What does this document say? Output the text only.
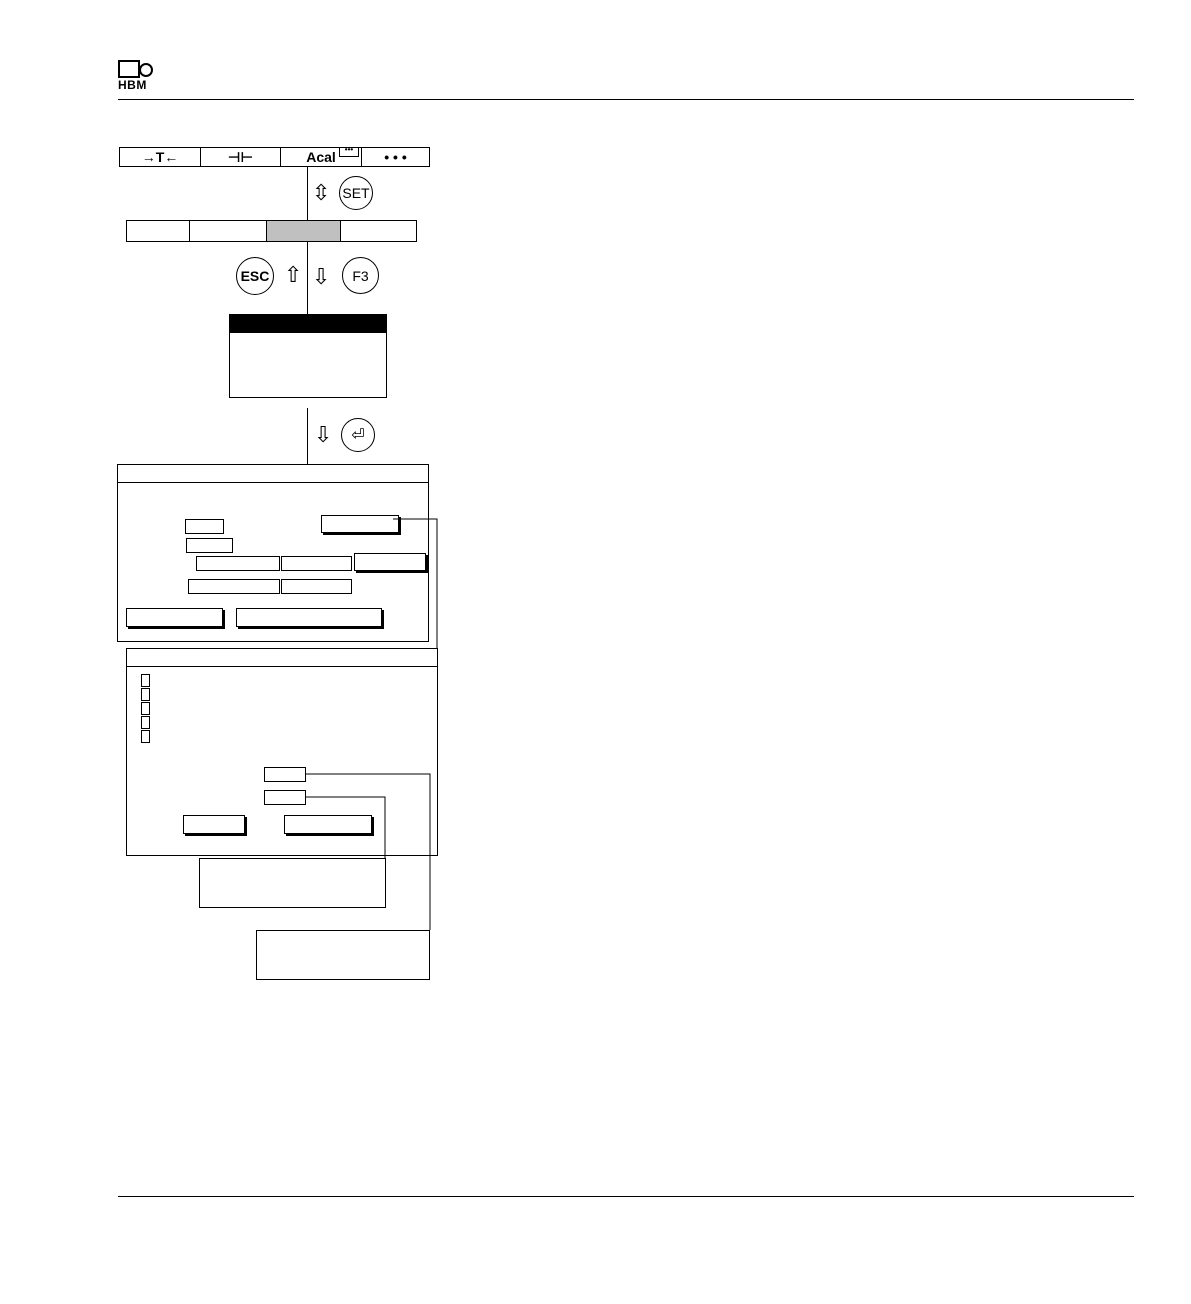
HBM
→T←	⊣⊢	Acal	•••	• • •
⇳ SET
ESC ⇧ ⇩	F3
⇩	⏎
